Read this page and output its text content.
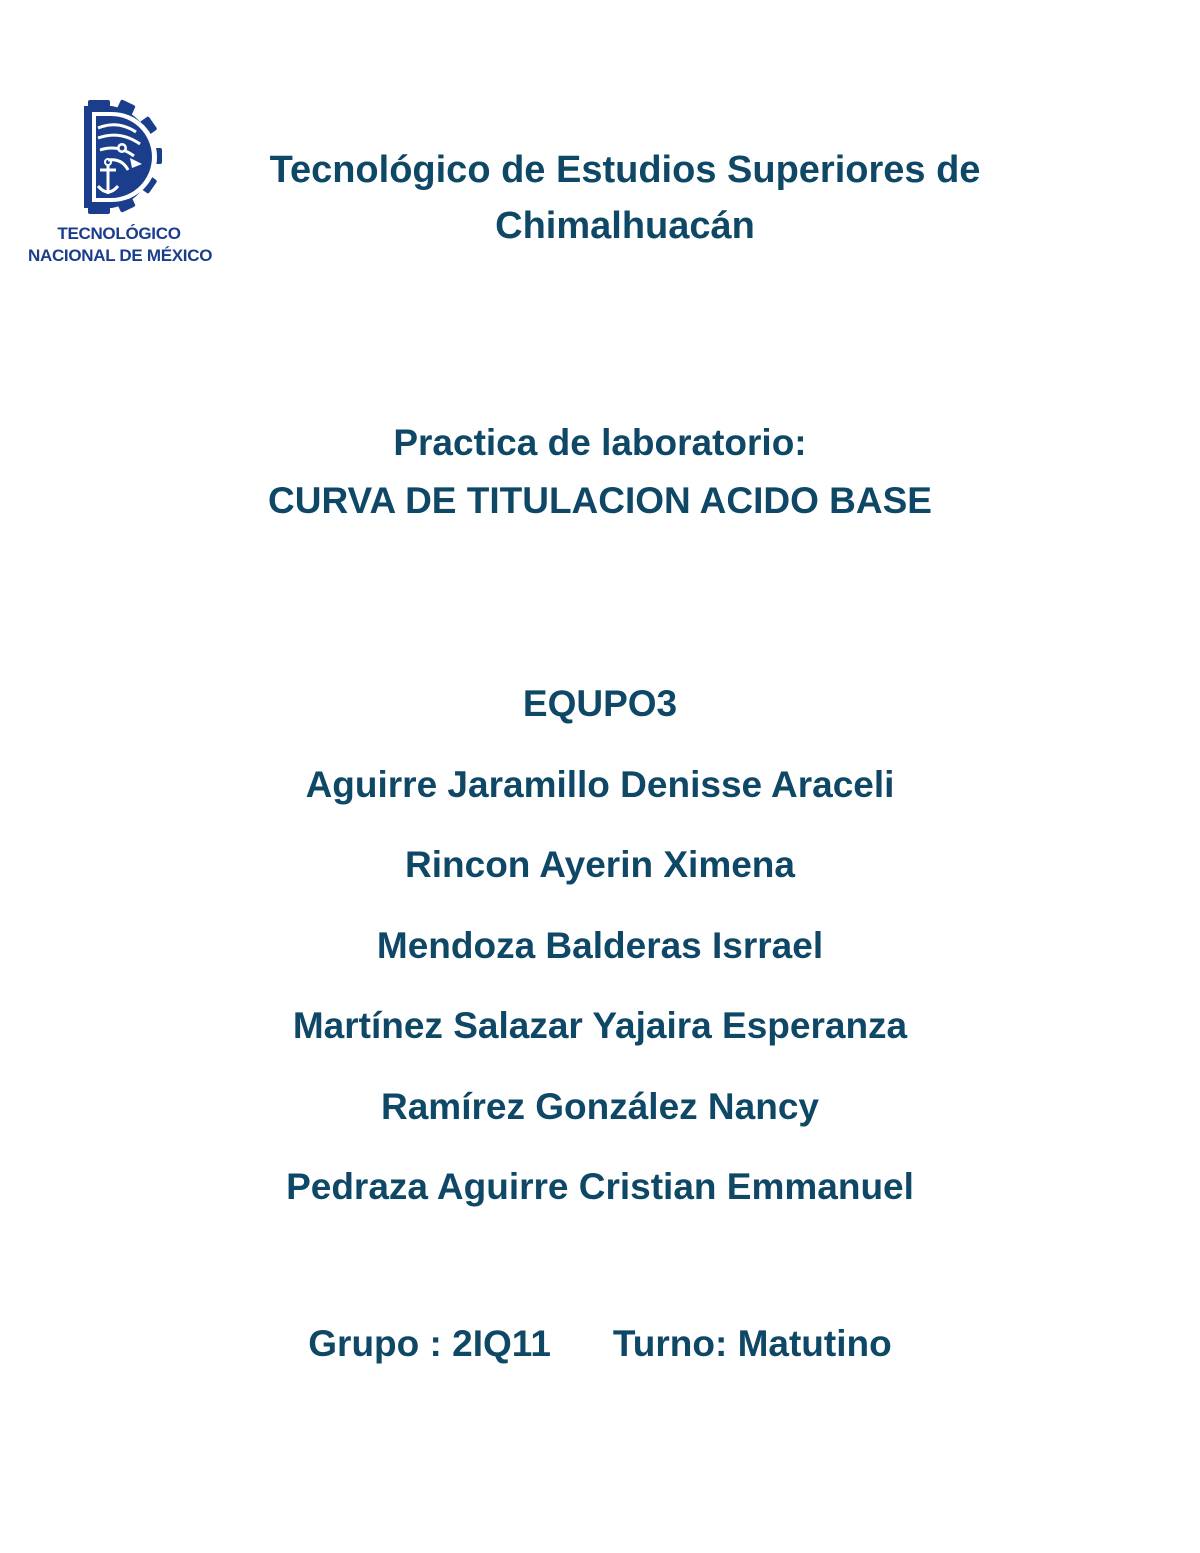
TECNOLÓGICO
NACIONAL DE MÉXICO
Tecnológico de Estudios Superiores de
Chimalhuacán
Practica de laboratorio:
CURVA DE TITULACION ACIDO BASE
EQUPO3
Aguirre Jaramillo Denisse Araceli
Rincon Ayerin Ximena
Mendoza Balderas Isrrael
Martínez Salazar Yajaira Esperanza
Ramírez González Nancy
Pedraza Aguirre Cristian Emmanuel
Grupo : 2IQ11 Turno: Matutino
